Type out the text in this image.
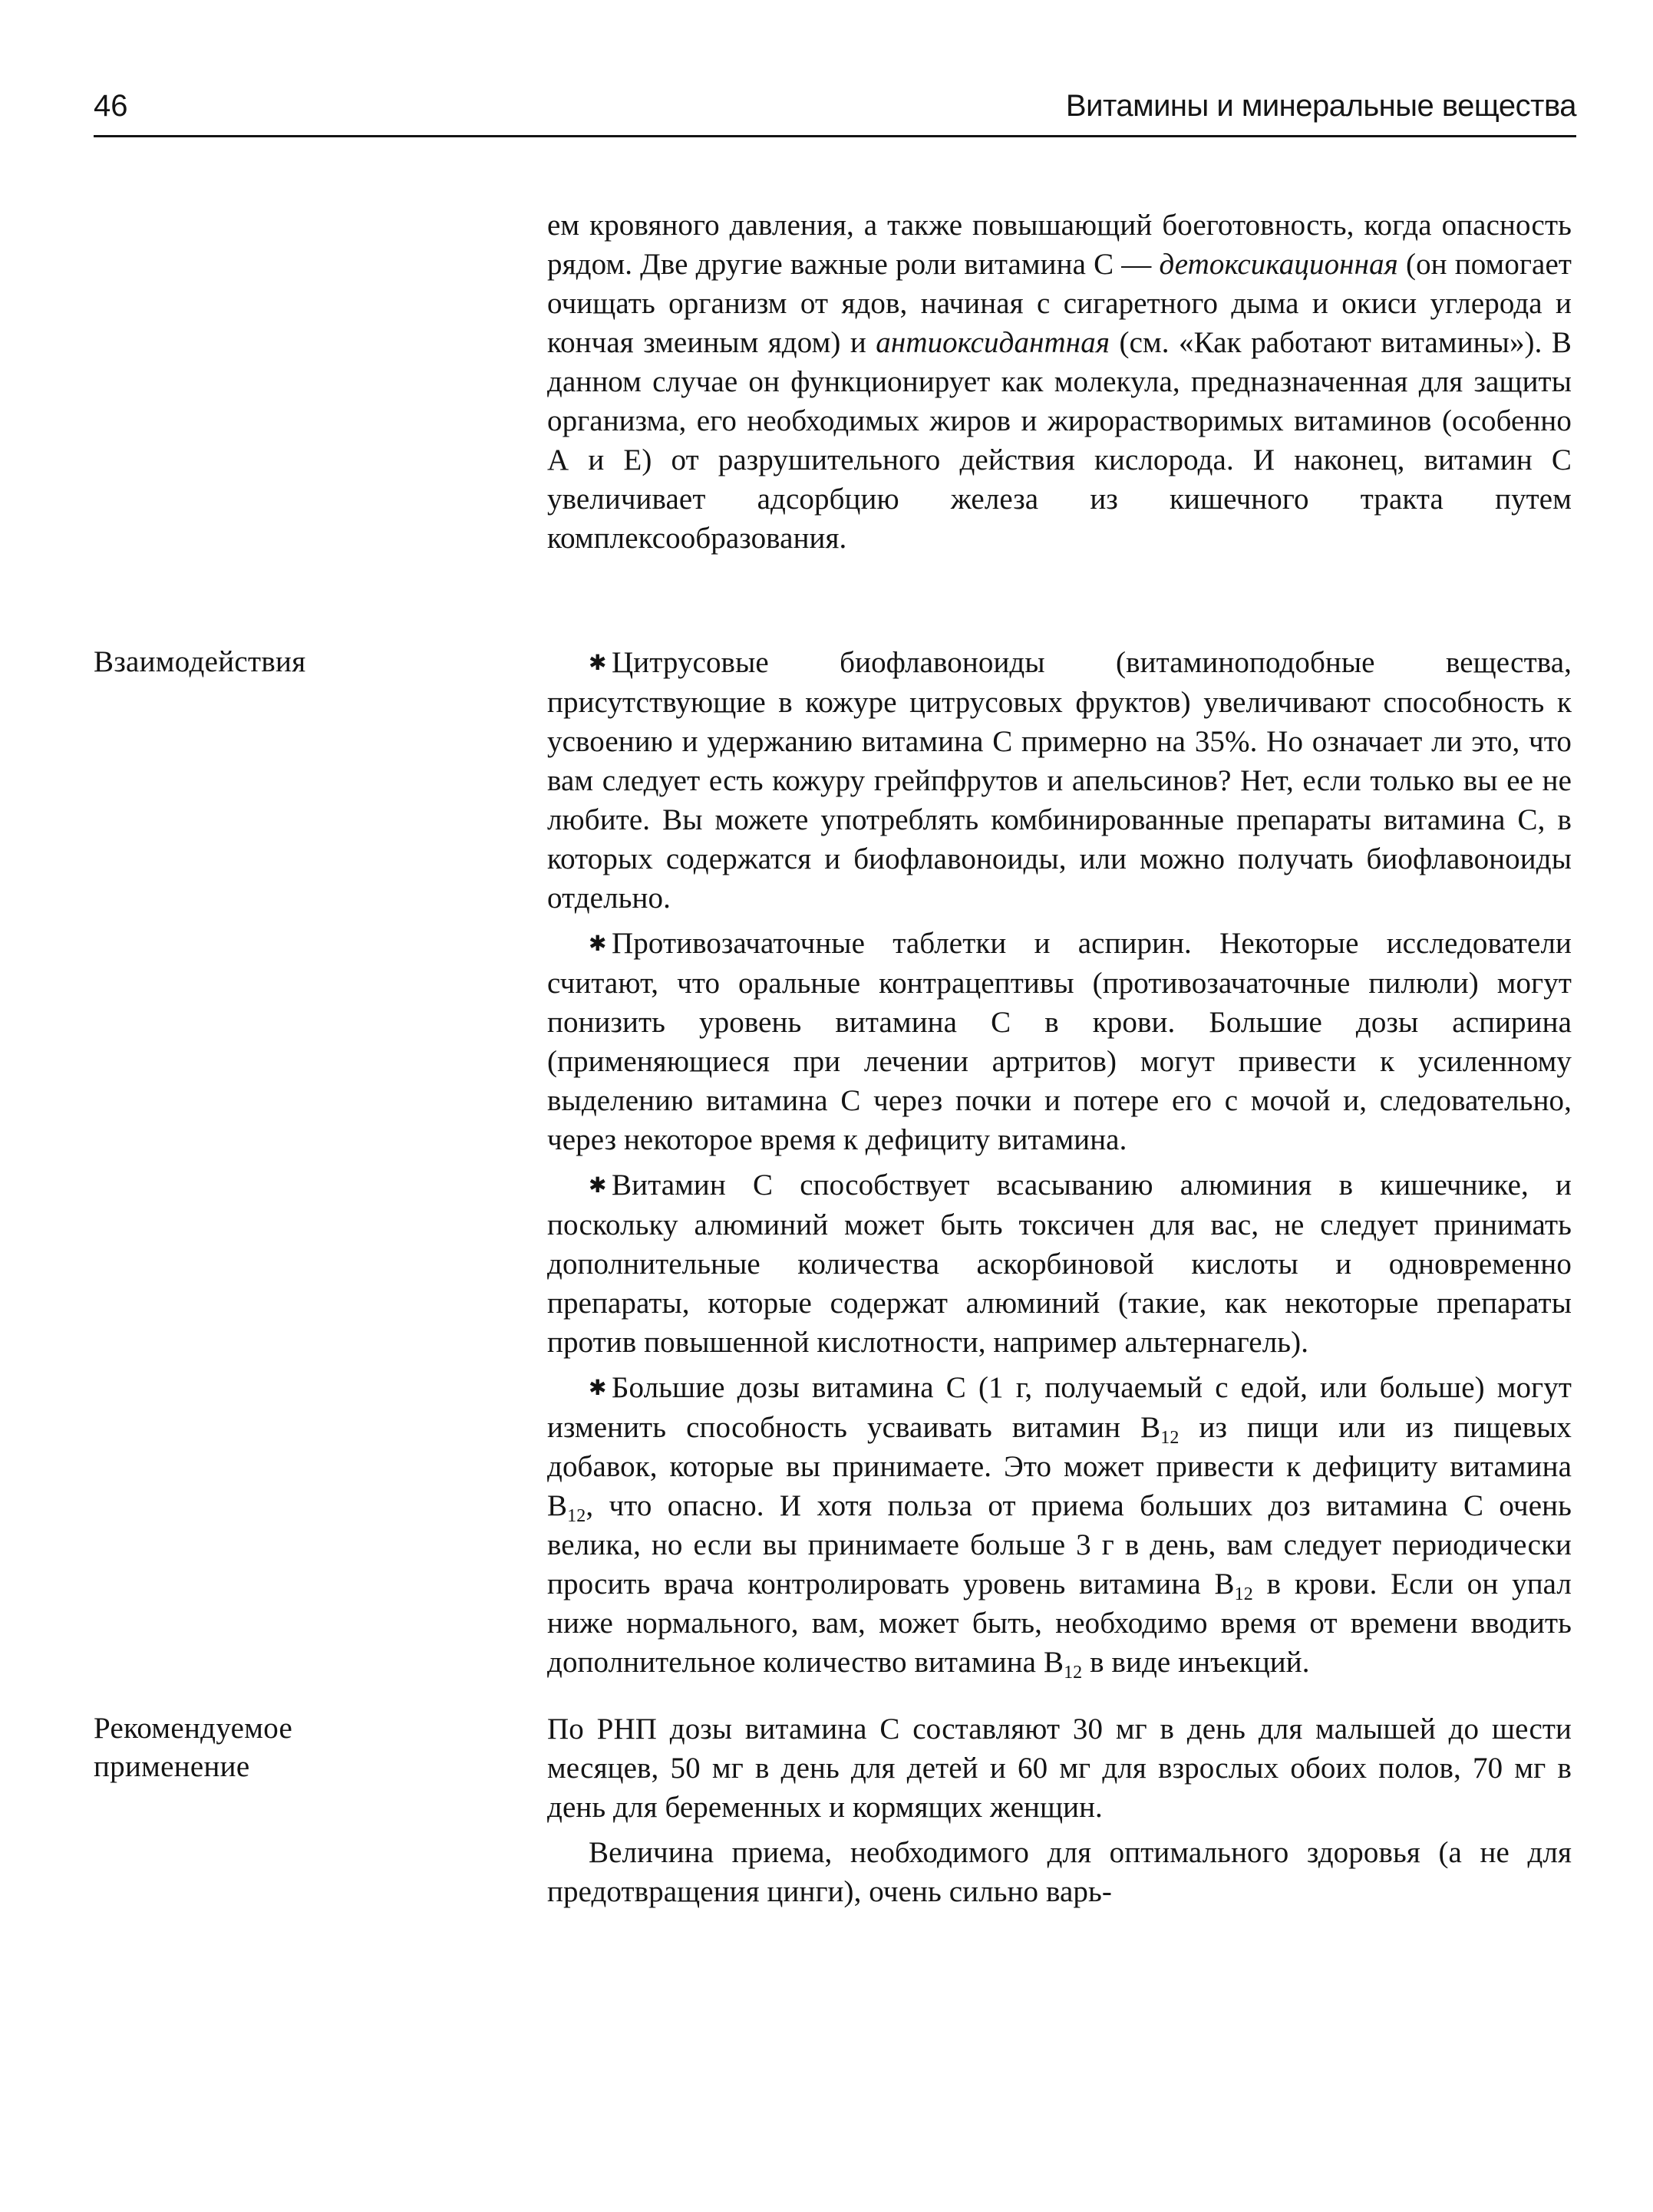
46	Витамины и минеральные вещества

ем кровяного давления, а также повышающий боеготовность, когда опасность рядом. Две другие важные роли витамина С — детоксикационная (он помогает очищать организм от ядов, начиная с сигаретного дыма и окиси углерода и кончая змеиным ядом) и антиоксидантная (см. «Как работают витамины»). В данном случае он функционирует как молекула, предназначенная для защиты организма, его необходимых жиров и жирорастворимых витаминов (особенно А и Е) от разрушительного действия кислорода. И наконец, витамин С увеличивает адсорбцию железа из кишечного тракта путем комплексообразования.

Взаимодействия	✱ Цитрусовые биофлавоноиды (витаминоподобные вещества, присутствующие в кожуре цитрусовых фруктов) увеличивают способность к усвоению и удержанию витамина С примерно на 35%. Но означает ли это, что вам следует есть кожуру грейпфрутов и апельсинов? Нет, если только вы ее не любите. Вы можете употреблять комбинированные препараты витамина С, в которых содержатся и биофлавоноиды, или можно получать биофлавоноиды отдельно.

✱ Противозачаточные таблетки и аспирин. Некоторые исследователи считают, что оральные контрацептивы (противозачаточные пилюли) могут понизить уровень витамина С в крови. Большие дозы аспирина (применяющиеся при лечении артритов) могут привести к усиленному выделению витамина С через почки и потере его с мочой и, следовательно, через некоторое время к дефициту витамина.

✱ Витамин С способствует всасыванию алюминия в кишечнике, и поскольку алюминий может быть токсичен для вас, не следует принимать дополнительные количества аскорбиновой кислоты и одновременно препараты, которые содержат алюминий (такие, как некоторые препараты против повышенной кислотности, например альтернагель).

✱ Большие дозы витамина С (1 г, получаемый с едой, или больше) могут изменить способность усваивать витамин $В_{12}$ из пищи или из пищевых добавок, которые вы принимаете. Это может привести к дефициту витамина $В_{12}$, что опасно. И хотя польза от приема больших доз витамина С очень велика, но если вы принимаете больше 3 г в день, вам следует периодически просить врача контролировать уровень витамина $В_{12}$ в крови. Если он упал ниже нормального, вам, может быть, необходимо время от времени вводить дополнительное количество витамина $В_{12}$ в виде инъекций.

Рекомендуемое
применение

По РНП дозы витамина С составляют 30 мг в день для малышей до шести месяцев, 50 мг в день для детей и 60 мг для взрослых обоих полов, 70 мг в день для беременных и кормящих женщин.

Величина приема, необходимого для оптимального здоровья (а не для предотвращения цинги), очень сильно варь-
